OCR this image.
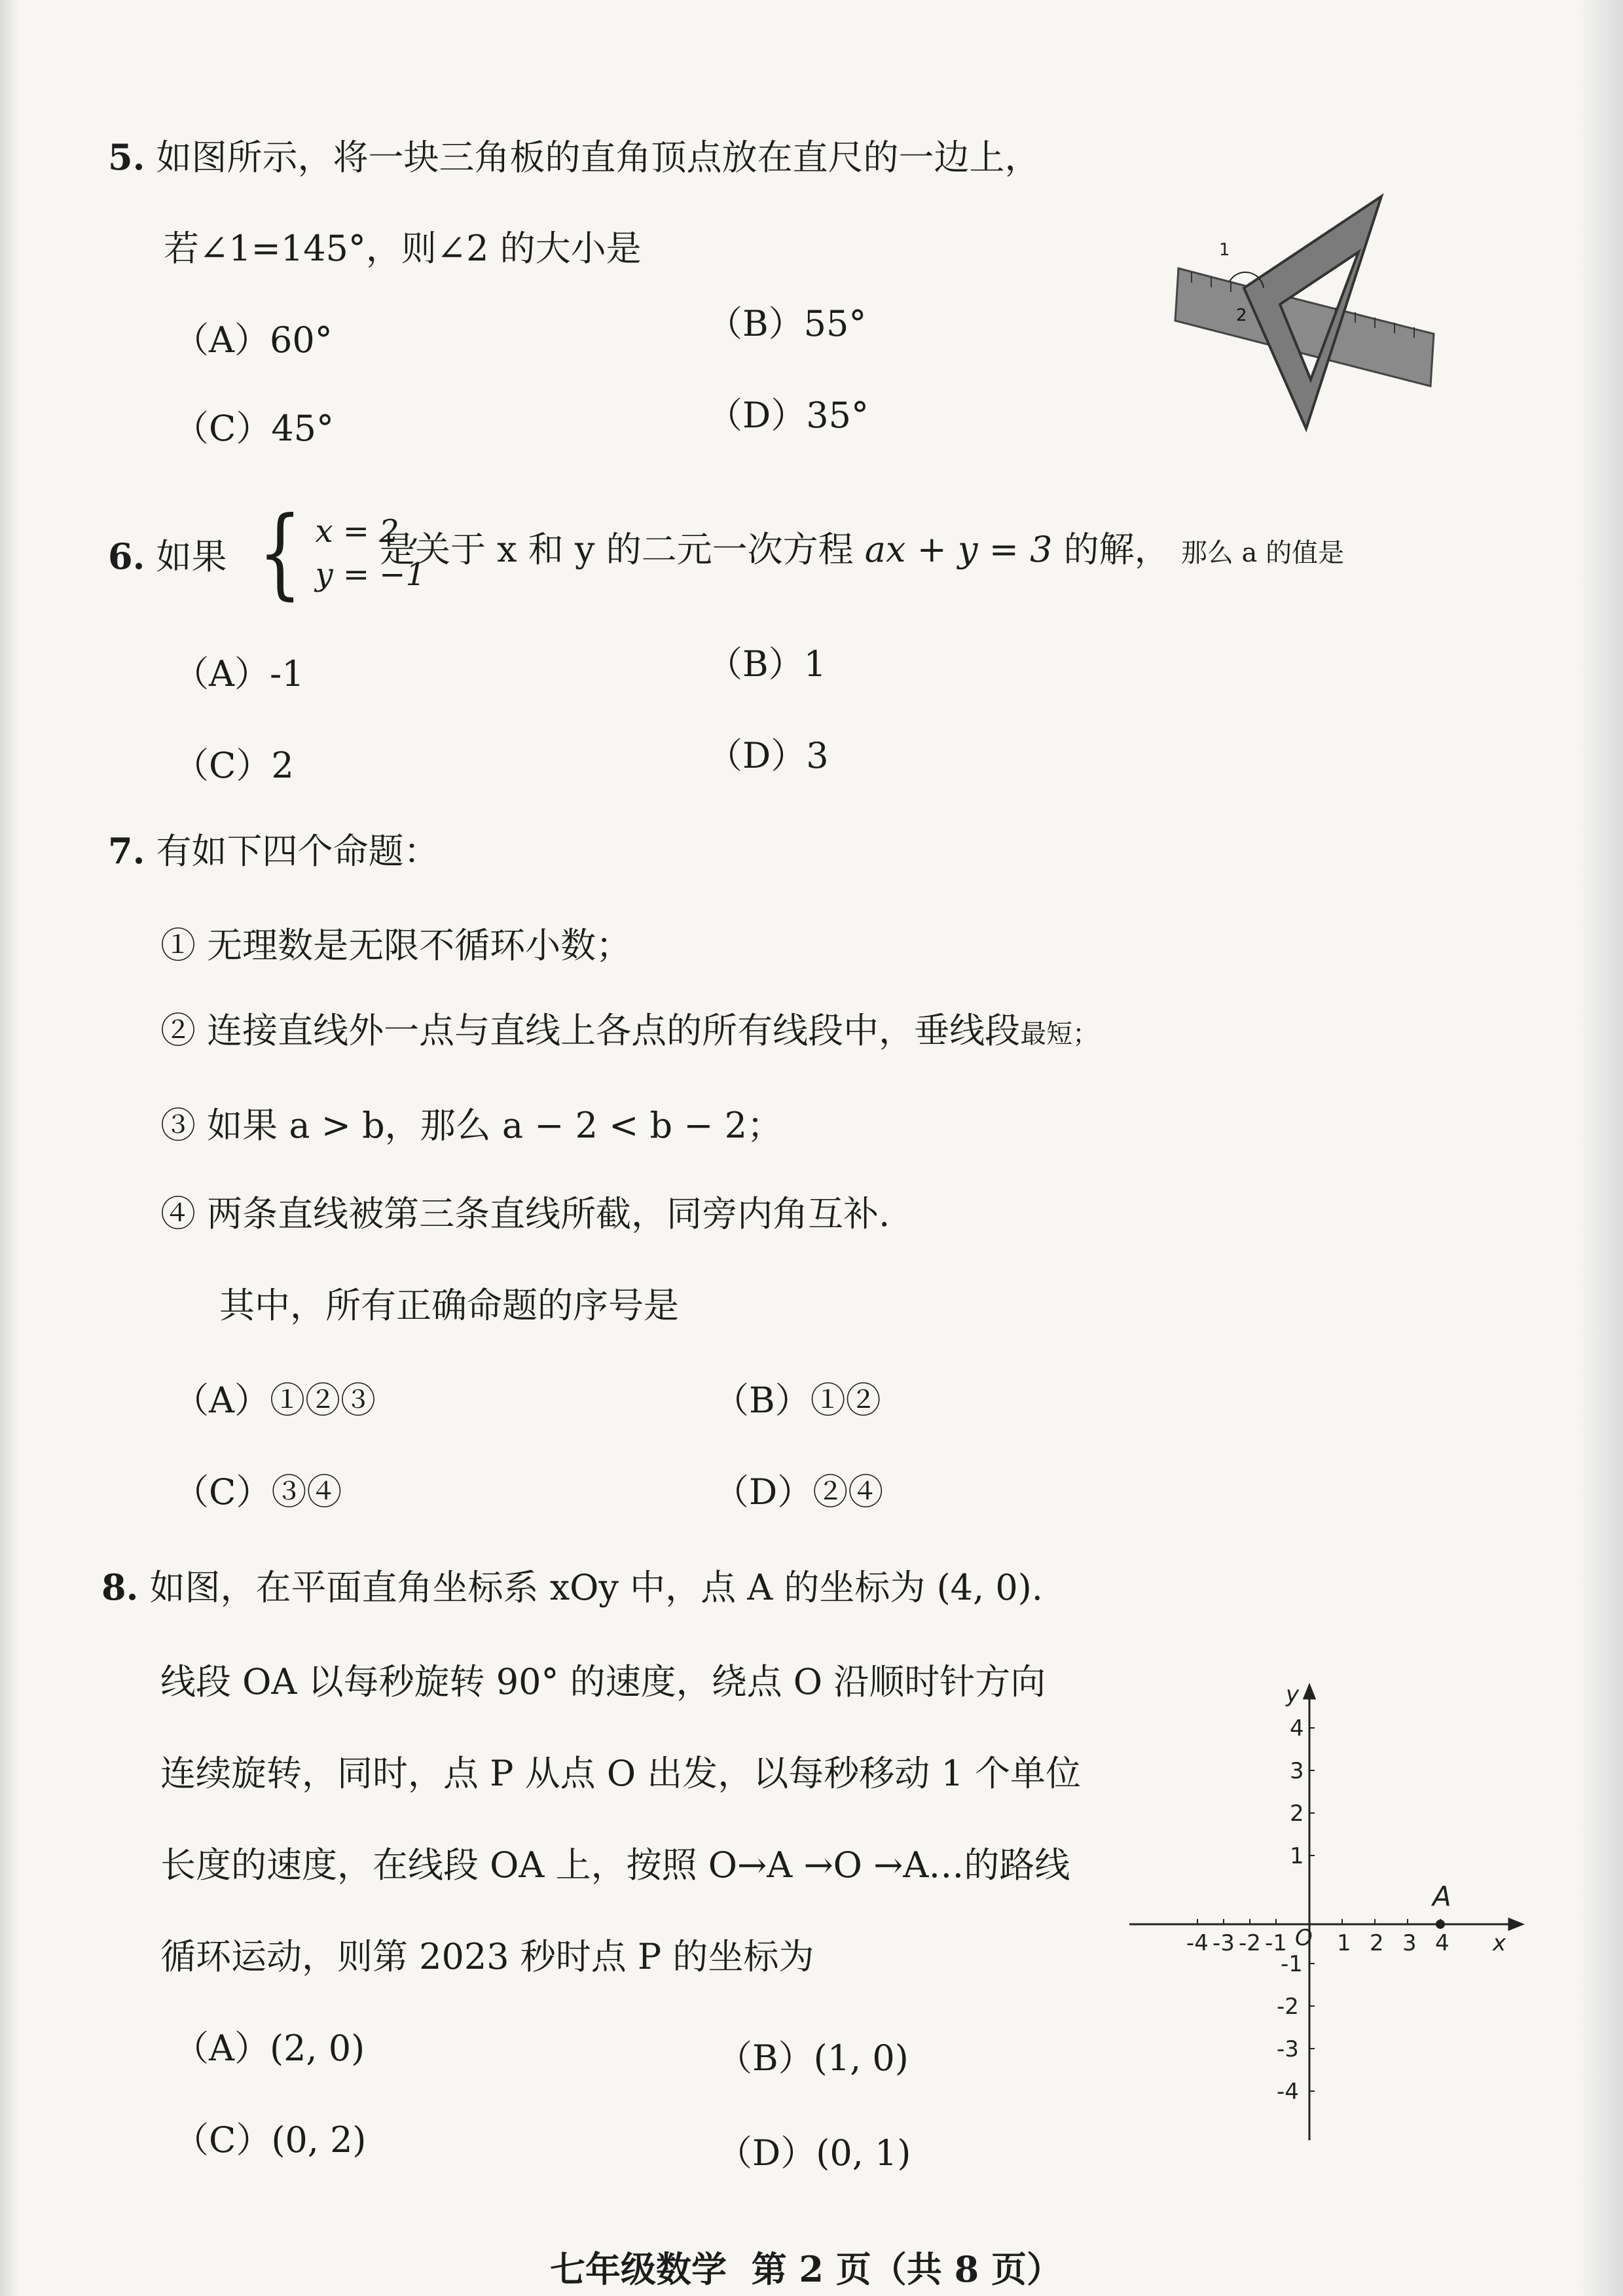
5. 如图所示，将一块三角板的直角顶点放在直尺的一边上，
若∠1=145°，则∠2 的大小是
（A）60°	（B）55°
（C）45°	（D）35°
1
2
6. 如果 { x = 2 ,
y = −1
是关于 x 和 y 的二元一次方程 ax + y = 3 的解， 那么 a 的值是
（A）-1	（B）1
（C）2	（D）3
7. 有如下四个命题：
① 无理数是无限不循环小数；
② 连接直线外一点与直线上各点的所有线段中，垂线段最短；
③ 如果 a > b，那么 a − 2 < b − 2；
④ 两条直线被第三条直线所截，同旁内角互补.
其中，所有正确命题的序号是
（A）①②③	（B）①②
（C）③④	（D）②④
8. 如图，在平面直角坐标系 xOy 中，点 A 的坐标为 (4, 0).
线段 OA 以每秒旋转 90° 的速度，绕点 O 沿顺时针方向
连续旋转，同时，点 P 从点 O 出发，以每秒移动 1 个单位
长度的速度，在线段 OA 上，按照 O→A →O →A…的路线
循环运动，则第 2023 秒时点 P 的坐标为
（A）(2, 0)	（B）(1, 0)
（C）(0, 2)	（D）(0, 1)
-4 -3 -2 -1 1 2 3 4
4
3
2
1
-1
-2
-3
-4
O	x
y
A
七年级数学 第 2 页（共 8 页）
